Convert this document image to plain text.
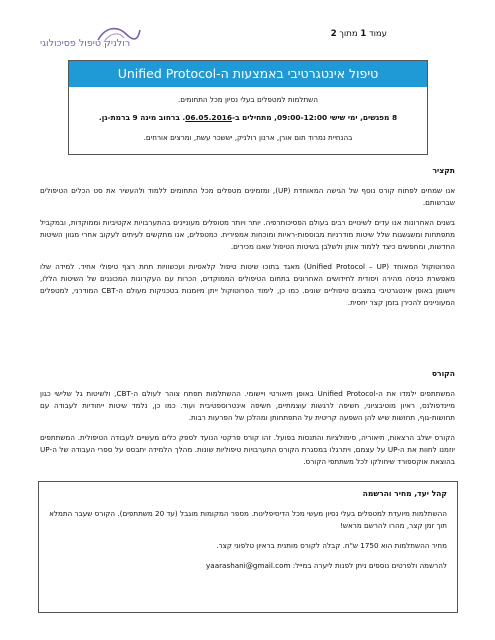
עמוד 1 מתוך 2
רולניק טיפול פסיכולוגי
טיפול אינטגרטיבי באמצעות ה-Unified Protocol
השתלמות למטפלים בעלי נסיון מכל התחומים.
8 מפגשים, ימי שישי 09:00-12:00, מתחילים ב-06.05.2016. ברחוב מינה 9 ברמת-גן.
בהנחיית נמרוד תום אורן, ארנון רולניק, יששכר עשת, ומרצים אורחים.
תקציר

אנו שמחים לפתוח קורס נוסף של הגישה המאוחדת (UP), ומזמינים מטפלים מכל התחומים ללמוד ולהעשיר את סט הכלים הטיפולים שברשותם.

בשנים האחרונות אנו עדים לשינויים רבים בעולם הפסיכותרפיה. יותר ויותר מטופלים מעוניינים בהתערבויות אקטיביות וממוקדות, ובמקביל מתפתחות ומשגשגות שלל שיטות מודרניות מבוססות-ראיות ומוכחות אמפירית. כמטפלים, אנו מתקשים לעיתים לעקוב אחרי מגוון השיטות החדשות, ומחפשים כיצד ללמוד אותן ולשלבן בשיטות הטיפול שאנו מכירים.

הפרוטוקול המאוחד (Unified Protocol – UP) מאגד בתוכו שיטות טיפול קלאסיות ועכשוויות תחת רצף טיפולי אחיד. למידה שלו מאפשרת כניסה מהירה ויסודית לחידושים האחרונים בתחום הטיפולים הממוקדים, הכרות עם העקרונות המכוננים של השיטות הללו, ויישומן באופן אינטגרטיבי במצבים טיפוליים שונים. כמו כן, לימוד הפרוטוקול ייתן מיומנות בטכניקות מעולם ה-CBT המודרני, למטפלים המעוניינים להכירן בזמן קצר יחסית.

הקורס

המשתתפים ילמדו את ה-Unified Protocol באופן תיאורטי ויישומי. ההשתלמות תפתח צוהר לעולם ה-CBT, ולשיטות גל שלישי כגון מיינדפולנס, ראיון מוטיבציוני, חשיפה לרגשות עוצמתיים, חשיפה אינטרוספטיבית ועוד. כמו כן, נלמד שיטות ייחודיות לעבודה עם תחושות-גוף, תחושות שיש להן השפעה קריטית על התפתחותן ומהלכן של הפרעות רבות.

הקורס ישלב הרצאות, תיאוריה, סימולציות והתנסות בפועל. זהו קורס פרקטי הנועד לספק כלים מעשיים לעבודה הטיפולית. המשתתפים יוזמנו לחוות את ה-UP על עצמם, ויתרגלו במסגרת הקורס התערבויות טיפוליות שונות. מהלך הלמידה יתבסס על ספרי העבודה של ה-UP בהוצאת אוקספורד שיחולקו לכל משתתפי הקורס.

קהל יעד, מחיר והרשמה

ההשתלמות מיועדת למטפלים בעלי נסיון מעשי מכל הדיסיפלינות. מספר המקומות מוגבל (עד 20 משתתפים). הקורס שעבר התמלא תוך זמן קצר, מהרו להרשם מראש!

מחיר ההשתלמות הוא 1750 ש"ח. קבלה לקורס מותנית בראיון טלפוני קצר.

להרשמה ולפרטים נוספים ניתן לפנות ליערה במייל: yaarashani@gmail.com
